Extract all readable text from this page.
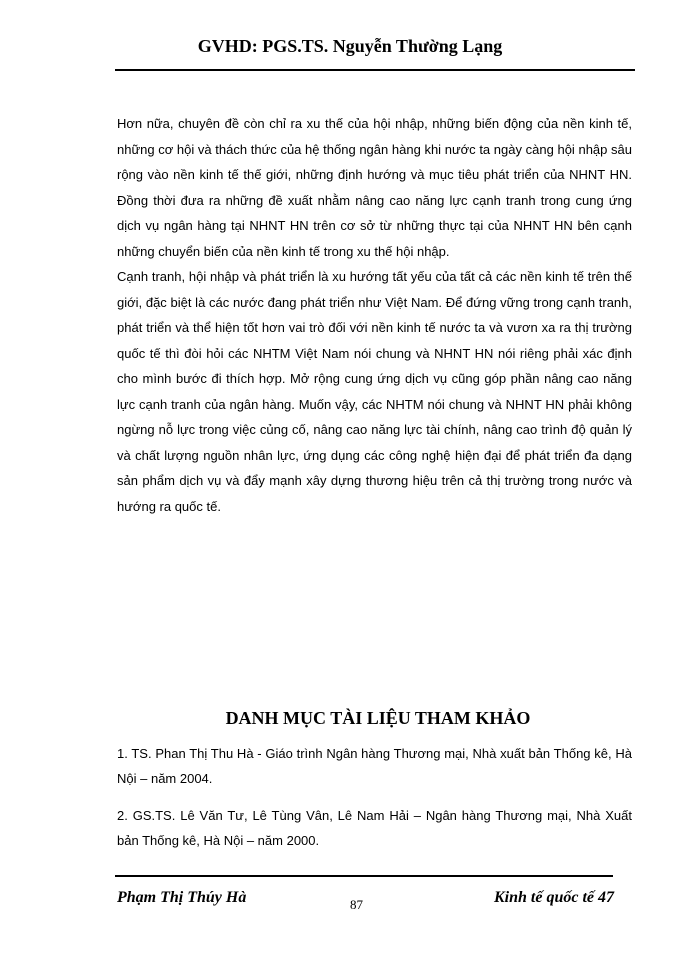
GVHD: PGS.TS. Nguyễn Thường Lạng

Hơn nữa, chuyên đề còn chỉ ra xu thế của hội nhập, những biến động của nền kinh tế, những cơ hội và thách thức của hệ thống ngân hàng khi nước ta ngày càng hội nhập sâu rộng vào nền kinh tế thế giới, những định hướng và mục tiêu phát triển của NHNT HN. Đồng thời đưa ra những đề xuất nhằm nâng cao năng lực cạnh tranh trong cung ứng dịch vụ ngân hàng tại NHNT HN trên cơ sở từ những thực tại của NHNT HN bên cạnh những chuyển biến của nền kinh tế trong xu thế hội nhập.

Cạnh tranh, hội nhập và phát triển là xu hướng tất yếu của tất cả các nền kinh tế trên thế giới, đặc biệt là các nước đang phát triển như Việt Nam. Để đứng vững trong cạnh tranh, phát triển và thể hiện tốt hơn vai trò đối với nền kinh tế nước ta và vươn xa ra thị trường quốc tế thì đòi hỏi các NHTM Việt Nam nói chung và NHNT HN nói riêng phải xác định cho mình bước đi thích hợp. Mở rộng cung ứng dịch vụ cũng góp phần nâng cao năng lực cạnh tranh của ngân hàng. Muốn vậy, các NHTM nói chung và NHNT HN phải không ngừng nỗ lực trong việc củng cố, nâng cao năng lực tài chính, nâng cao trình độ quản lý và chất lượng nguồn nhân lực, ứng dụng các công nghệ hiện đại để phát triển đa dạng sản phẩm dịch vụ và đẩy mạnh xây dựng thương hiệu trên cả thị trường trong nước và hướng ra quốc tế.

DANH MỤC TÀI LIỆU THAM KHẢO

1. TS. Phan Thị Thu Hà - Giáo trình Ngân hàng Thương mại, Nhà xuất bản Thống kê, Hà Nội – năm 2004.

2. GS.TS. Lê Văn Tư, Lê Tùng Vân, Lê Nam Hải – Ngân hàng Thương mại, Nhà Xuất bản Thống kê, Hà Nội – năm 2000.

Phạm Thị Thúy Hà	87	Kinh tế quốc tế 47
